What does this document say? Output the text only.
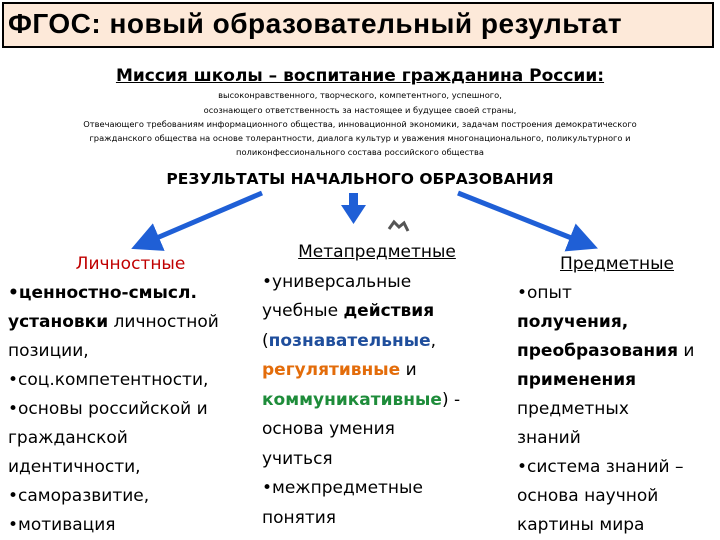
ФГОС: новый образовательный результат
Миссия школы – воспитание гражданина России:
высоконравственного, творческого, компетентного, успешного,
осознающего ответственность за настоящее и будущее своей страны,
Отвечающего требованиям информационного общества, инновационной экономики, задачам построения демократического
гражданского общества на основе толерантности, диалога культур и уважения многонационального, поликультурного и
поликонфессионального состава российского общества
РЕЗУЛЬТАТЫ НАЧАЛЬНОГО ОБРАЗОВАНИЯ
Личностные
•ценностно-смысл.
установки личностной
позиции,
•соц.компетентности,
•основы российской и
гражданской
идентичности,
•саморазвитие,
•мотивация
Метапредметные
•универсальные
учебные действия
(познавательные,
регулятивные и
коммуникативные) -
основа умения
учиться
•межпредметные
понятия
Предметные
•опыт
получения,
преобразования и
применения
предметных
знаний
•система знаний –
основа научной
картины мира
